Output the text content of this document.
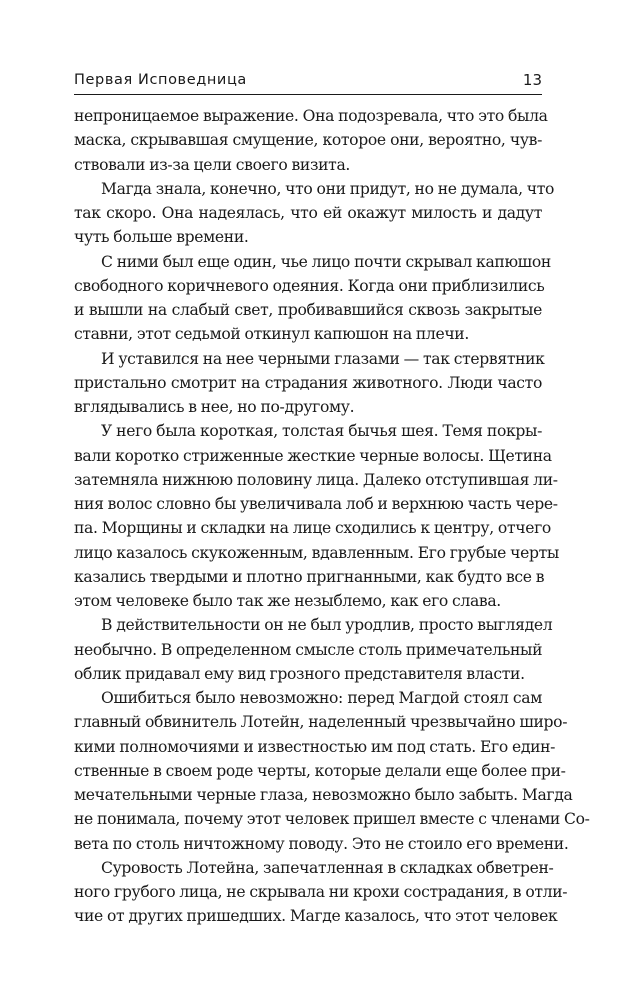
Первая Исповедница	13
непроницаемое выражение. Она подозревала, что это была
маска, скрывавшая смущение, которое они, вероятно, чув-
ствовали из-за цели своего визита.
Магда знала, конечно, что они придут, но не думала, что
так скоро. Она надеялась, что ей окажут милость и дадут
чуть больше времени.
С ними был еще один, чье лицо почти скрывал капюшон
свободного коричневого одеяния. Когда они приблизились
и вышли на слабый свет, пробивавшийся сквозь закрытые
ставни, этот седьмой откинул капюшон на плечи.
И уставился на нее черными глазами — так стервятник
пристально смотрит на страдания животного. Люди часто
вглядывались в нее, но по-другому.
У него была короткая, толстая бычья шея. Темя покры-
вали коротко стриженные жесткие черные волосы. Щетина
затемняла нижнюю половину лица. Далеко отступившая ли-
ния волос словно бы увеличивала лоб и верхнюю часть чере-
па. Морщины и складки на лице сходились к центру, отчего
лицо казалось скукоженным, вдавленным. Его грубые черты
казались твердыми и плотно пригнанными, как будто все в
этом человеке было так же незыблемо, как его слава.
В действительности он не был уродлив, просто выглядел
необычно. В определенном смысле столь примечательный
облик придавал ему вид грозного представителя власти.
Ошибиться было невозможно: перед Магдой стоял сам
главный обвинитель Лотейн, наделенный чрезвычайно широ-
кими полномочиями и известностью им под стать. Его един-
ственные в своем роде черты, которые делали еще более при-
мечательными черные глаза, невозможно было забыть. Магда
не понимала, почему этот человек пришел вместе с членами Со-
вета по столь ничтожному поводу. Это не стоило его времени.
Суровость Лотейна, запечатленная в складках обветрен-
ного грубого лица, не скрывала ни крохи сострадания, в отли-
чие от других пришедших. Магде казалось, что этот человек
